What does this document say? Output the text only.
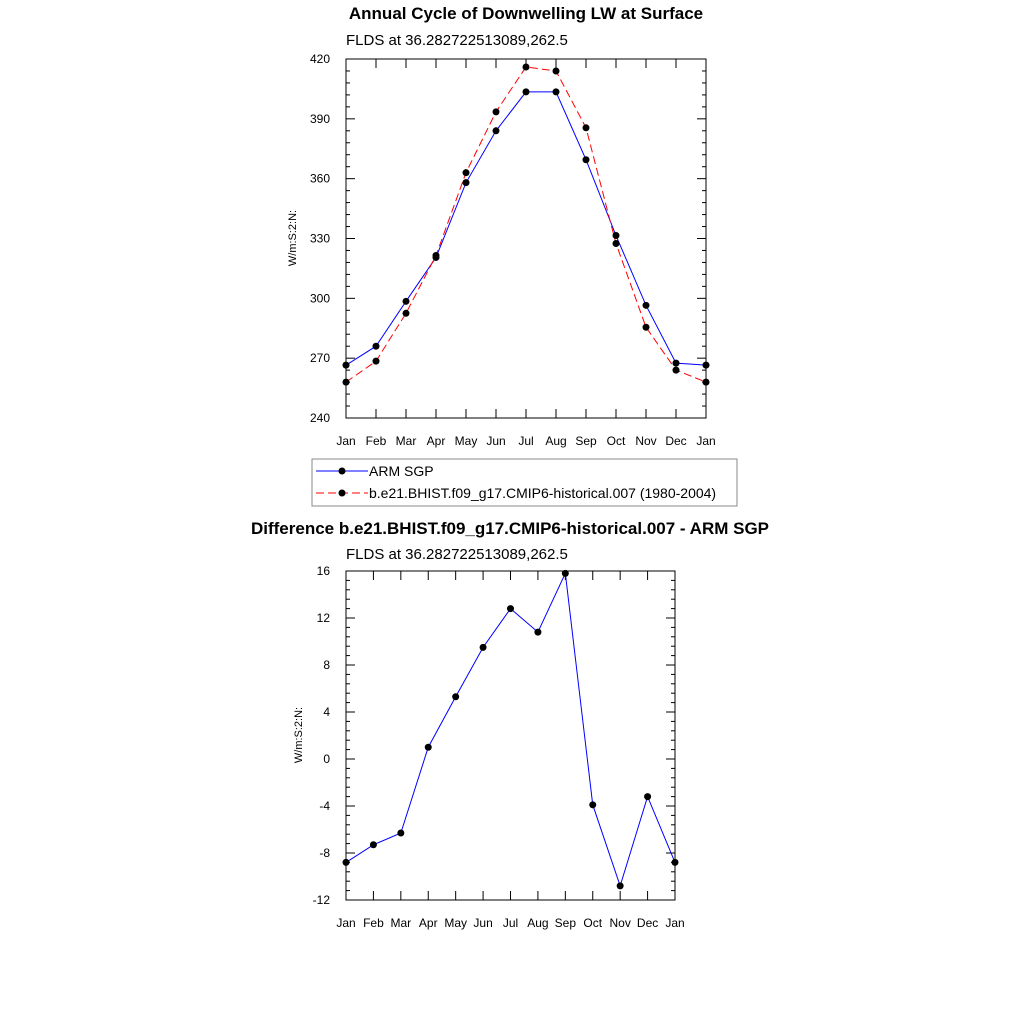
Annual Cycle of Downwelling LW at Surface
FLDS at 36.282722513089,262.5
W/m:S:2:N:
Jan Feb Mar Apr May Jun Jul Aug Sep Oct Nov Dec Jan
240
270
300
330
360
390
420
ARM SGP
b.e21.BHIST.f09_g17.CMIP6-historical.007 (1980-2004)
Difference b.e21.BHIST.f09_g17.CMIP6-historical.007 - ARM SGP
FLDS at 36.282722513089,262.5
W/m:S:2:N:
Jan Feb Mar Apr May Jun Jul Aug Sep Oct Nov Dec Jan
-12
-8
-4
0
4
8
12
16
